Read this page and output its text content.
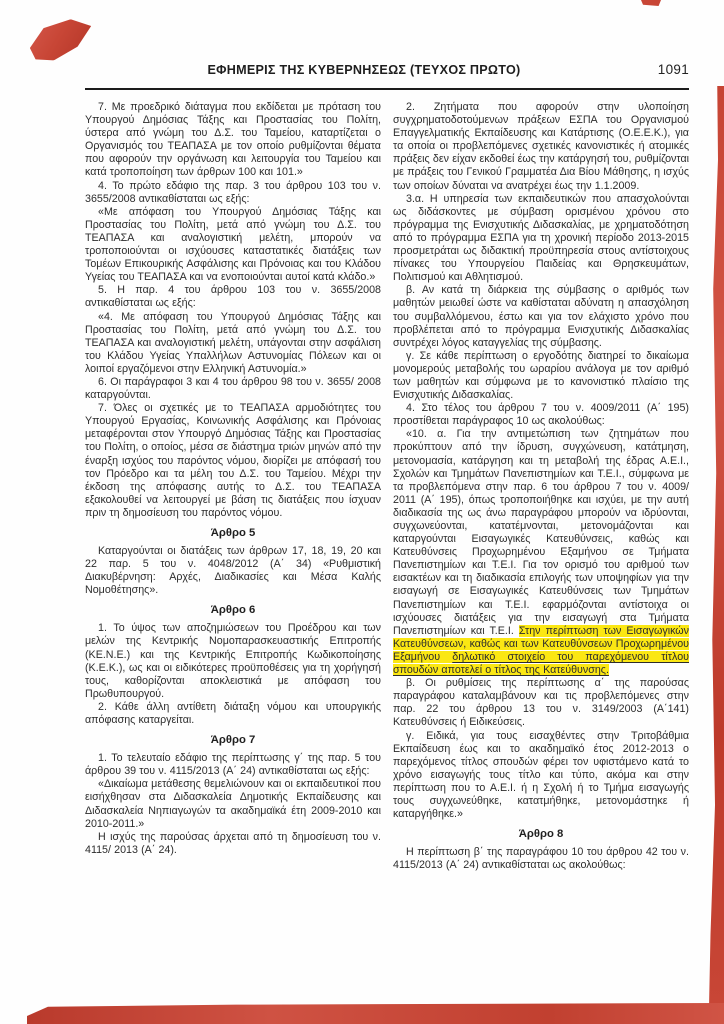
ΕΦΗΜΕΡΙΣ ΤΗΣ ΚΥΒΕΡΝΗΣΕΩΣ (ΤΕΥΧΟΣ ΠΡΩΤΟ)	1091

7. Με προεδρικό διάταγμα που εκδίδεται με πρόταση του Υπουργού Δημόσιας Τάξης και Προστασίας του Πολίτη, ύστερα από γνώμη του Δ.Σ. του Ταμείου, καταρτίζεται ο Οργανισμός του ΤΕΑΠΑΣΑ με τον οποίο ρυθμίζονται θέματα που αφορούν την οργάνωση και λειτουργία του Ταμείου και κατά τροποποίηση των άρθρων 100 και 101.»

4. Το πρώτο εδάφιο της παρ. 3 του άρθρου 103 του ν. 3655/2008 αντικαθίσταται ως εξής:

«Με απόφαση του Υπουργού Δημόσιας Τάξης και Προστασίας του Πολίτη, μετά από γνώμη του Δ.Σ. του ΤΕΑΠΑΣΑ και αναλογιστική μελέτη, μπορούν να τροποποιούνται οι ισχύουσες καταστατικές διατάξεις των Τομέων Επικουρικής Ασφάλισης και Πρόνοιας και του Κλάδου Υγείας του ΤΕΑΠΑΣΑ και να ενοποιούνται αυτοί κατά κλάδο.»

5. Η παρ. 4 του άρθρου 103 του ν. 3655/2008 αντικαθίσταται ως εξής:

«4. Με απόφαση του Υπουργού Δημόσιας Τάξης και Προστασίας του Πολίτη, μετά από γνώμη του Δ.Σ. του ΤΕΑΠΑΣΑ και αναλογιστική μελέτη, υπάγονται στην ασφάλιση του Κλάδου Υγείας Υπαλλήλων Αστυνομίας Πόλεων και οι λοιποί εργαζόμενοι στην Ελληνική Αστυνομία.»

6. Οι παράγραφοι 3 και 4 του άρθρου 98 του ν. 3655/ 2008 καταργούνται.

7. Όλες οι σχετικές με το ΤΕΑΠΑΣΑ αρμοδιότητες του Υπουργού Εργασίας, Κοινωνικής Ασφάλισης και Πρόνοιας μεταφέρονται στον Υπουργό Δημόσιας Τάξης και Προστασίας του Πολίτη, ο οποίος, μέσα σε διάστημα τριών μηνών από την έναρξη ισχύος του παρόντος νόμου, διορίζει με απόφασή του τον Πρόεδρο και τα μέλη του Δ.Σ. του Ταμείου. Μέχρι την έκδοση της απόφασης αυτής το Δ.Σ. του ΤΕΑΠΑΣΑ εξακολουθεί να λειτουργεί με βάση τις διατάξεις που ίσχυαν πριν τη δημοσίευση του παρόντος νόμου.

Άρθρο 5

Καταργούνται οι διατάξεις των άρθρων 17, 18, 19, 20 και 22 παρ. 5 του ν. 4048/2012 (Α΄ 34) «Ρυθμιστική Διακυβέρνηση: Αρχές, Διαδικασίες και Μέσα Καλής Νομοθέτησης».

Άρθρο 6

1. Το ύψος των αποζημιώσεων του Προέδρου και των μελών της Κεντρικής Νομοπαρασκευαστικής Επιτροπής (ΚΕ.Ν.Ε.) και της Κεντρικής Επιτροπής Κωδικοποίησης (Κ.Ε.Κ.), ως και οι ειδικότερες προϋποθέσεις για τη χορήγησή τους, καθορίζονται αποκλειστικά με απόφαση του Πρωθυπουργού.

2. Κάθε άλλη αντίθετη διάταξη νόμου και υπουργικής απόφασης καταργείται.

Άρθρο 7

1. Το τελευταίο εδάφιο της περίπτωσης γ΄ της παρ. 5 του άρθρου 39 του ν. 4115/2013 (Α΄ 24) αντικαθίσταται ως εξής:

«Δικαίωμα μετάθεσης θεμελιώνουν και οι εκπαιδευτικοί που εισήχθησαν στα Διδασκαλεία Δημοτικής Εκπαίδευσης και Διδασκαλεία Νηπιαγωγών τα ακαδημαϊκά έτη 2009-2010 και 2010-2011.»

Η ισχύς της παρούσας άρχεται από τη δημοσίευση του ν. 4115/ 2013 (Α΄ 24).

2. Ζητήματα που αφορούν στην υλοποίηση συγχρηματοδοτούμενων πράξεων ΕΣΠΑ του Οργανισμού Επαγγελματικής Εκπαίδευσης και Κατάρτισης (Ο.Ε.Ε.Κ.), για τα οποία οι προβλεπόμενες σχετικές κανονιστικές ή ατομικές πράξεις δεν είχαν εκδοθεί έως την κατάργησή του, ρυθμίζονται με πράξεις του Γενικού Γραμματέα Δια Βίου Μάθησης, η ισχύς των οποίων δύναται να ανατρέχει έως την 1.1.2009.

3.α. Η υπηρεσία των εκπαιδευτικών που απασχολούνται ως διδάσκοντες με σύμβαση ορισμένου χρόνου στο πρόγραμμα της Ενισχυτικής Διδασκαλίας, με χρηματοδότηση από το πρόγραμμα ΕΣΠΑ για τη χρονική περίοδο 2013-2015 προσμετράται ως διδακτική προϋπηρεσία στους αντίστοιχους πίνακες του Υπουργείου Παιδείας και Θρησκευμάτων, Πολιτισμού και Αθλητισμού.

β. Αν κατά τη διάρκεια της σύμβασης ο αριθμός των μαθητών μειωθεί ώστε να καθίσταται αδύνατη η απασχόληση του συμβαλλόμενου, έστω και για τον ελάχιστο χρόνο που προβλέπεται από το πρόγραμμα Ενισχυτικής Διδασκαλίας συντρέχει λόγος καταγγελίας της σύμβασης.

γ. Σε κάθε περίπτωση ο εργοδότης διατηρεί το δικαίωμα μονομερούς μεταβολής του ωραρίου ανάλογα με τον αριθμό των μαθητών και σύμφωνα με το κανονιστικό πλαίσιο της Ενισχυτικής Διδασκαλίας.

4. Στο τέλος του άρθρου 7 του ν. 4009/2011 (Α΄ 195) προστίθεται παράγραφος 10 ως ακολούθως:

«10. α. Για την αντιμετώπιση των ζητημάτων που προκύπτουν από την ίδρυση, συγχώνευση, κατάτμηση, μετονομασία, κατάργηση και τη μεταβολή της έδρας Α.Ε.Ι., Σχολών και Τμημάτων Πανεπιστημίων και Τ.Ε.Ι., σύμφωνα με τα προβλεπόμενα στην παρ. 6 του άρθρου 7 του ν. 4009/ 2011 (Α΄ 195), όπως τροποποιήθηκε και ισχύει, με την αυτή διαδικασία της ως άνω παραγράφου μπορούν να ιδρύονται, συγχωνεύονται, κατατέμνονται, μετονομάζονται και καταργούνται Εισαγωγικές Κατευθύνσεις, καθώς και Κατευθύνσεις Προχωρημένου Εξαμήνου σε Τμήματα Πανεπιστημίων και Τ.Ε.Ι. Για τον ορισμό του αριθμού των εισακτέων και τη διαδικασία επιλογής των υποψηφίων για την εισαγωγή σε Εισαγωγικές Κατευθύνσεις των Τμημάτων Πανεπιστημίων και Τ.Ε.Ι. εφαρμόζονται αντίστοιχα οι ισχύουσες διατάξεις για την εισαγωγή στα Τμήματα Πανεπιστημίων και Τ.Ε.Ι. Στην περίπτωση των Εισαγωγικών Κατευθύνσεων, καθώς και των Κατευθύνσεων Προχωρημένου Εξαμήνου δηλωτικό στοιχείο του παρεχόμενου τίτλου σπουδών αποτελεί ο τίτλος της Κατεύθυνσης.

β. Οι ρυθμίσεις της περίπτωσης α΄ της παρούσας παραγράφου καταλαμβάνουν και τις προβλεπόμενες στην παρ. 22 του άρθρου 13 του ν. 3149/2003 (Α΄141) Κατευθύνσεις ή Ειδικεύσεις.

γ. Ειδικά, για τους εισαχθέντες στην Τριτοβάθμια Εκπαίδευση έως και το ακαδημαϊκό έτος 2012-2013 ο παρεχόμενος τίτλος σπουδών φέρει τον υφιστάμενο κατά το χρόνο εισαγωγής τους τίτλο και τύπο, ακόμα και στην περίπτωση που το Α.Ε.Ι. ή η Σχολή ή το Τμήμα εισαγωγής τους συγχωνεύθηκε, κατατμήθηκε, μετονομάστηκε ή καταργήθηκε.»

Άρθρο 8

Η περίπτωση β΄ της παραγράφου 10 του άρθρου 42 του ν. 4115/2013 (Α΄ 24) αντικαθίσταται ως ακολούθως:
